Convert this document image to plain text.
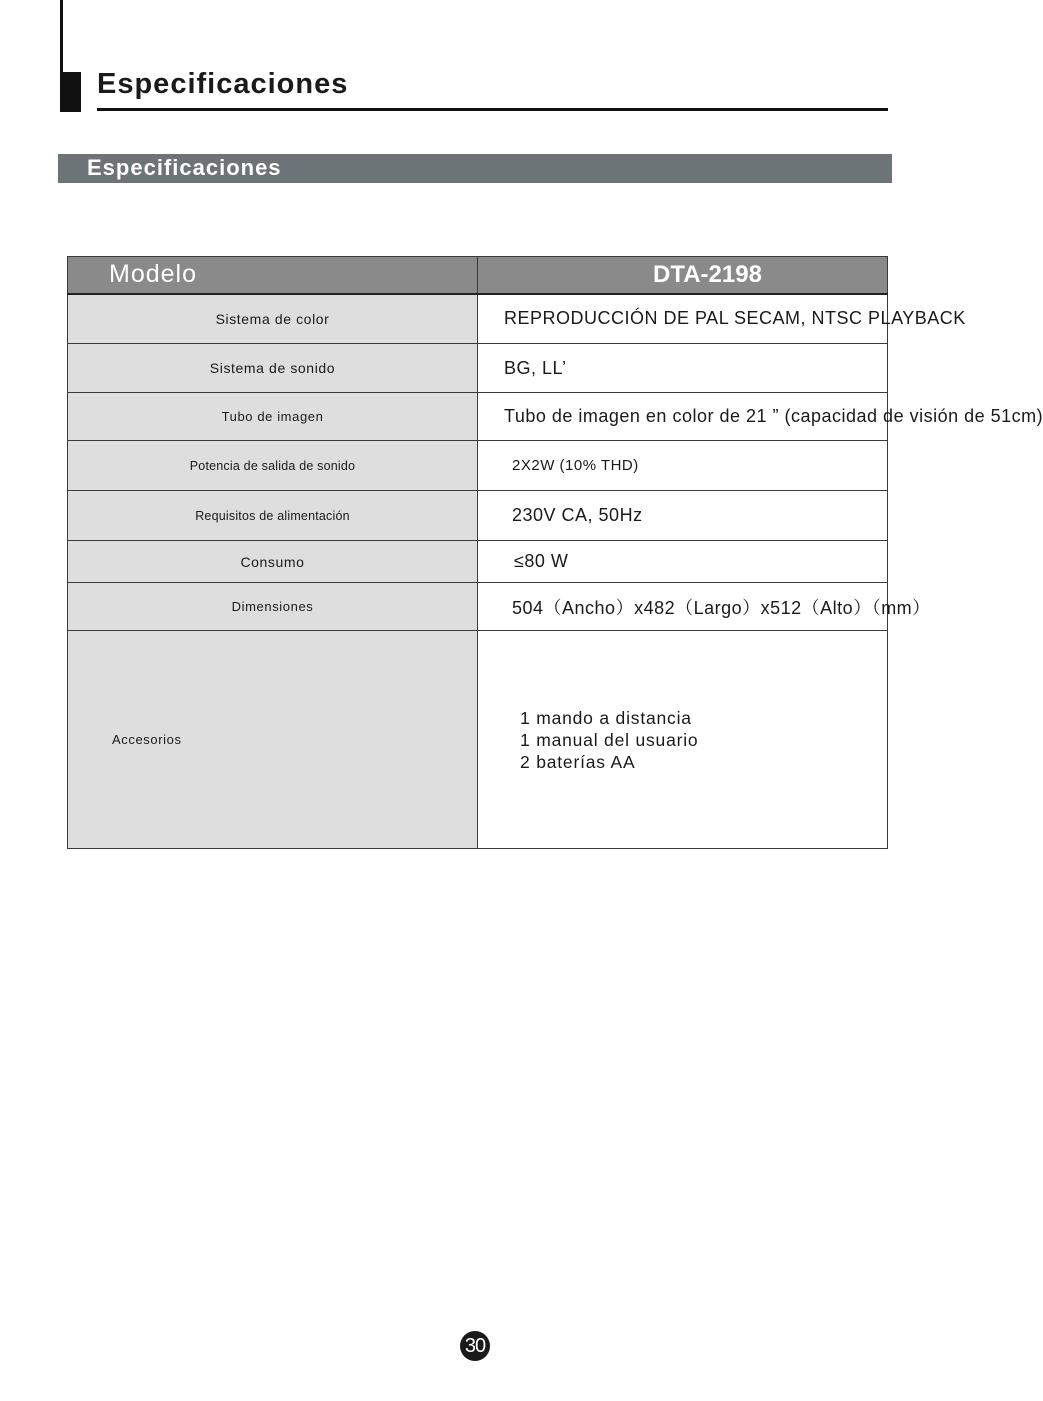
Especificaciones
Especificaciones
Modelo	DTA-2198
Sistema de color	REPRODUCCIÓN DE PAL SECAM, NTSC PLAYBACK
Sistema de sonido	BG, LL’
Tubo de imagen	Tubo de imagen en color de 21 ” (capacidad de visión de 51cm)
Potencia de salida de sonido	2X2W (10% THD)
Requisitos de alimentación	230V CA, 50Hz
Consumo	≤80 W
Dimensiones	504（Ancho）x482（Largo）x512（Alto）（mm）
Accesorios	1 mando a distancia
1 manual del usuario
2 baterías AA
30
